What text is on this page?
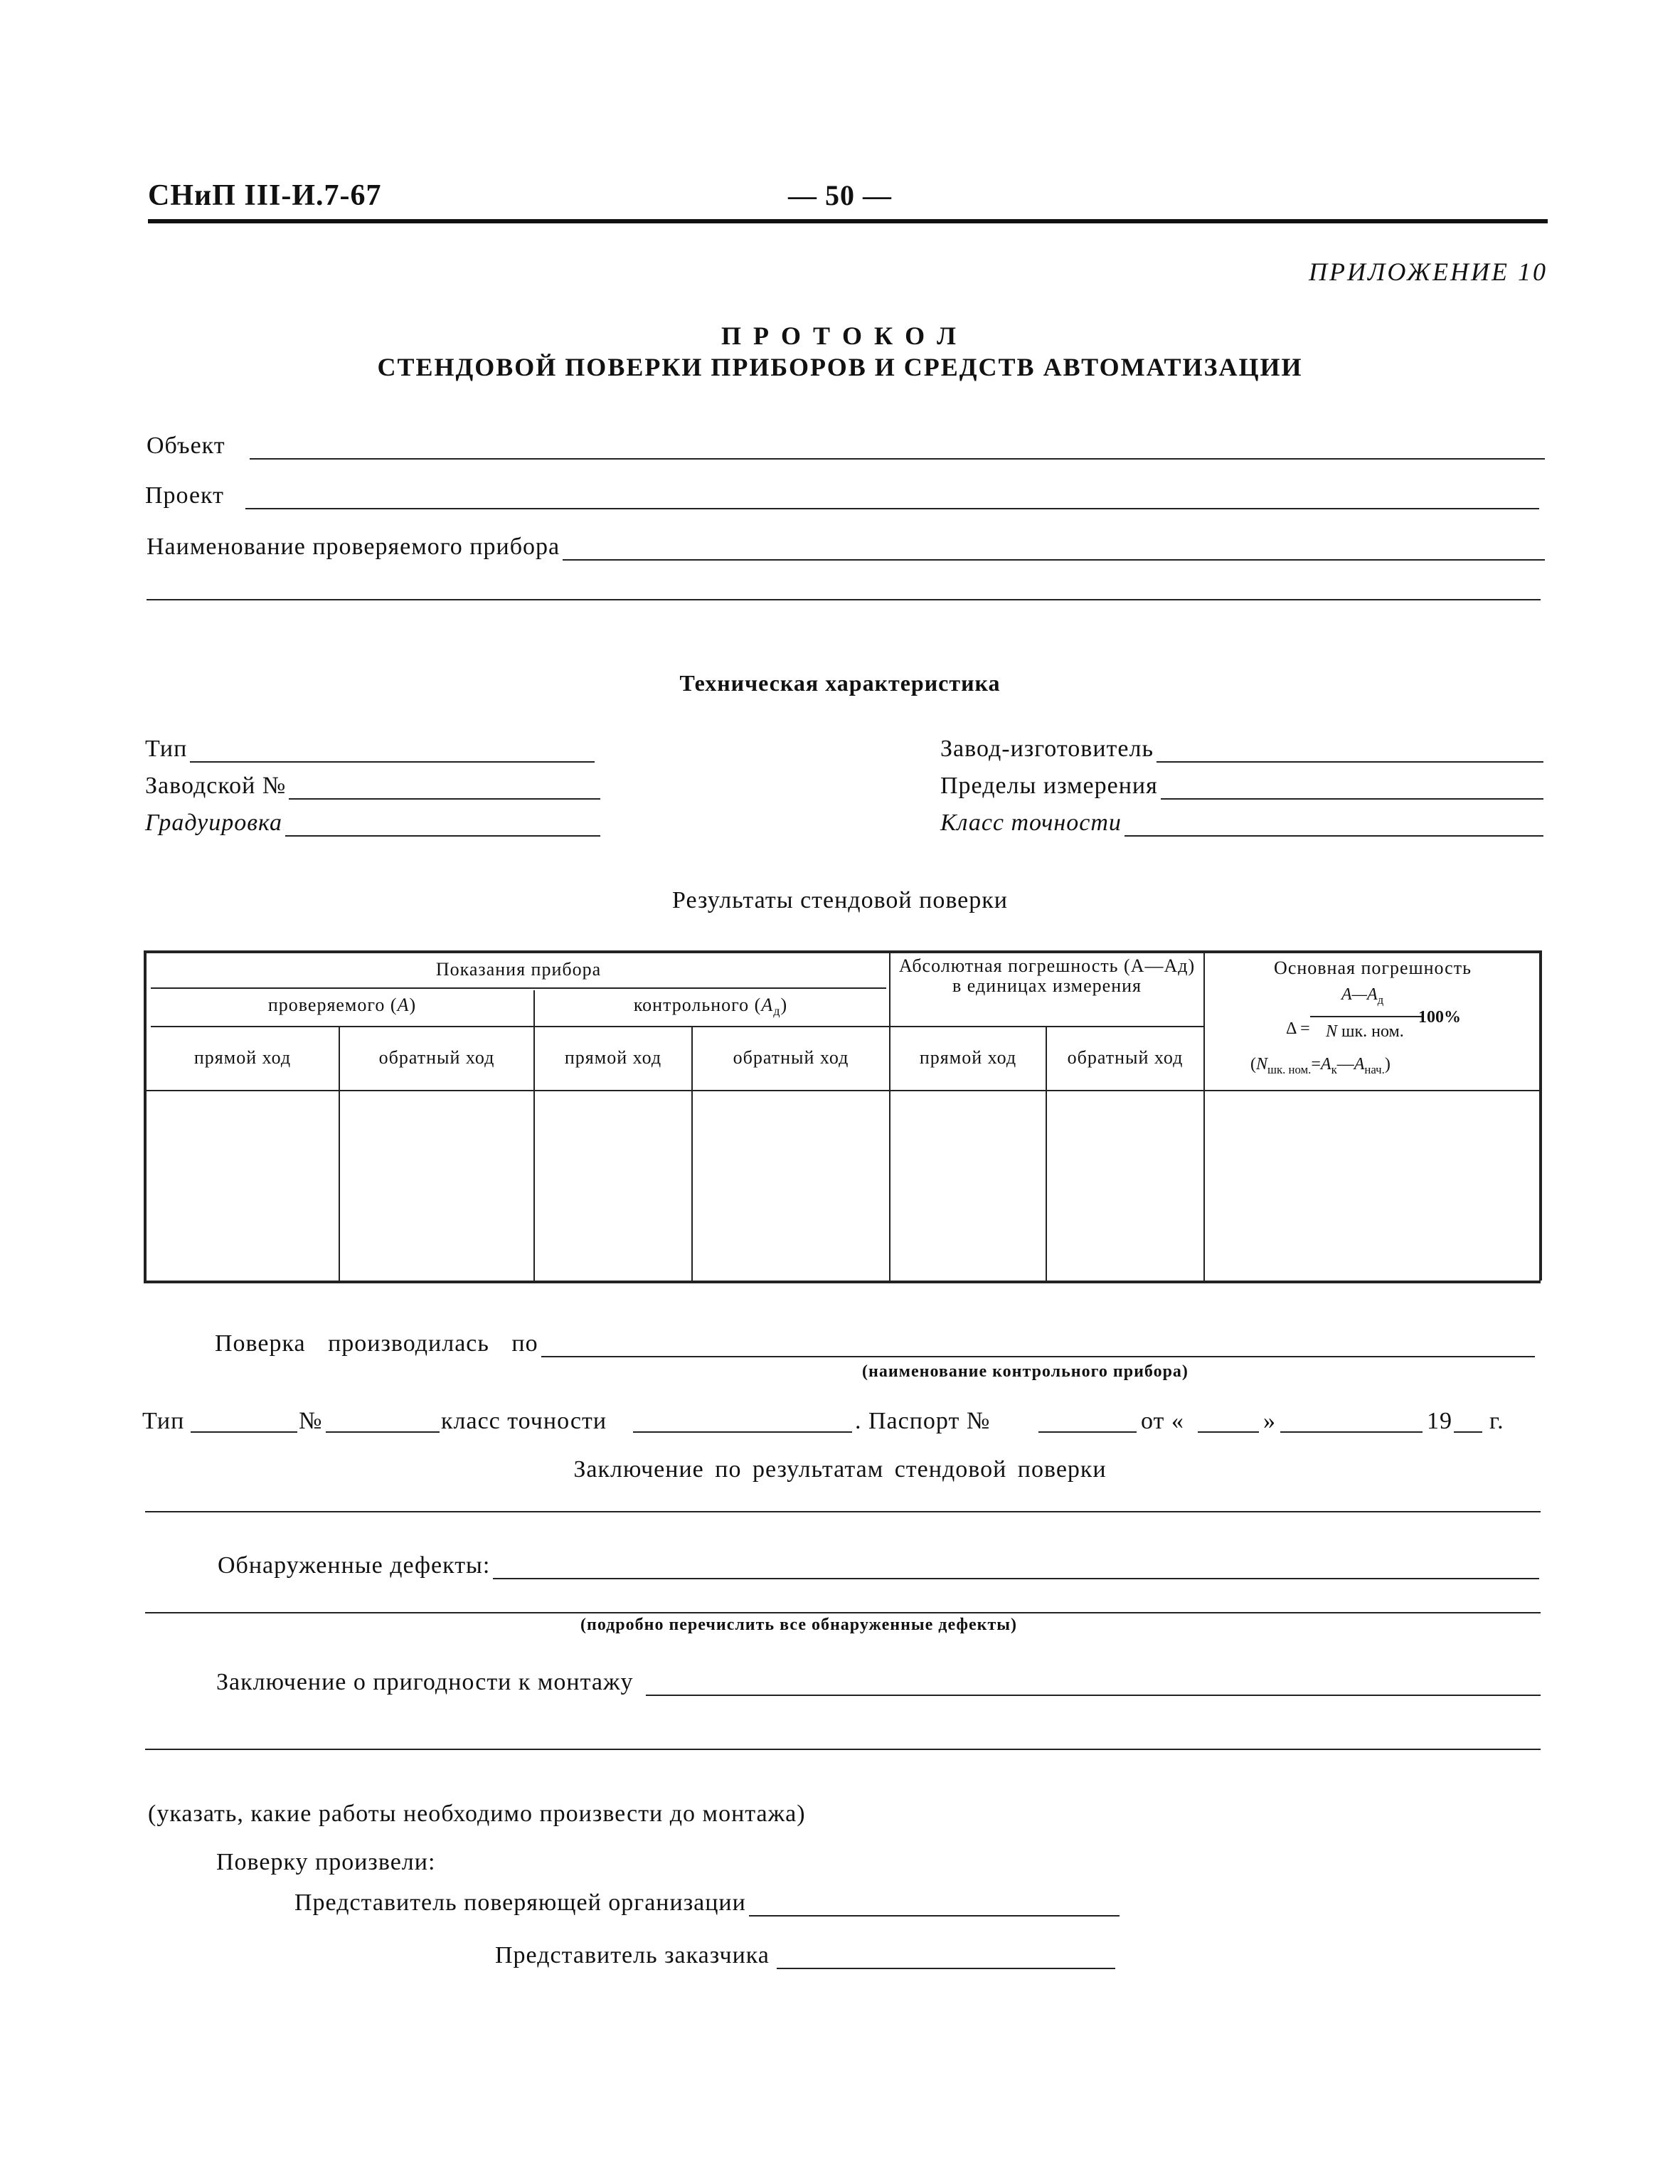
СНиП III-И.7-67	— 50 —
ПРИЛОЖЕНИЕ 10
П Р О Т О К О Л
СТЕНДОВОЙ ПОВЕРКИ ПРИБОРОВ И СРЕДСТВ АВТОМАТИЗАЦИИ
Объект
Проект
Наименование проверяемого прибора
Техническая характеристика
Тип
Заводской №
Градуировка
Завод-изготовитель
Пределы измерения
Класс точности
Результаты стендовой поверки
Показания прибора
проверяемого (A)	контрольного $(A_д)$
Абсолютная погрешность (A—Aд) в единицах измерения
Основная погрешность
Δ =
$A—A_д$
100%
N шк. ном.
$(N_{шк. ном.}=A_к—A_{нач.})$
прямой ход	обратный ход	прямой ход	обратный ход	прямой ход	обратный ход
Поверка производилась по
(наименование контрольного прибора)
Тип	№	класс точности	. Паспорт №	от «	»	19 г.
Заключение по результатам стендовой поверки
Обнаруженные дефекты:
(подробно перечислить все обнаруженные дефекты)
Заключение о пригодности к монтажу
(указать, какие работы необходимо произвести до монтажа)
Поверку произвели:
Представитель поверяющей организации
Представитель заказчика
